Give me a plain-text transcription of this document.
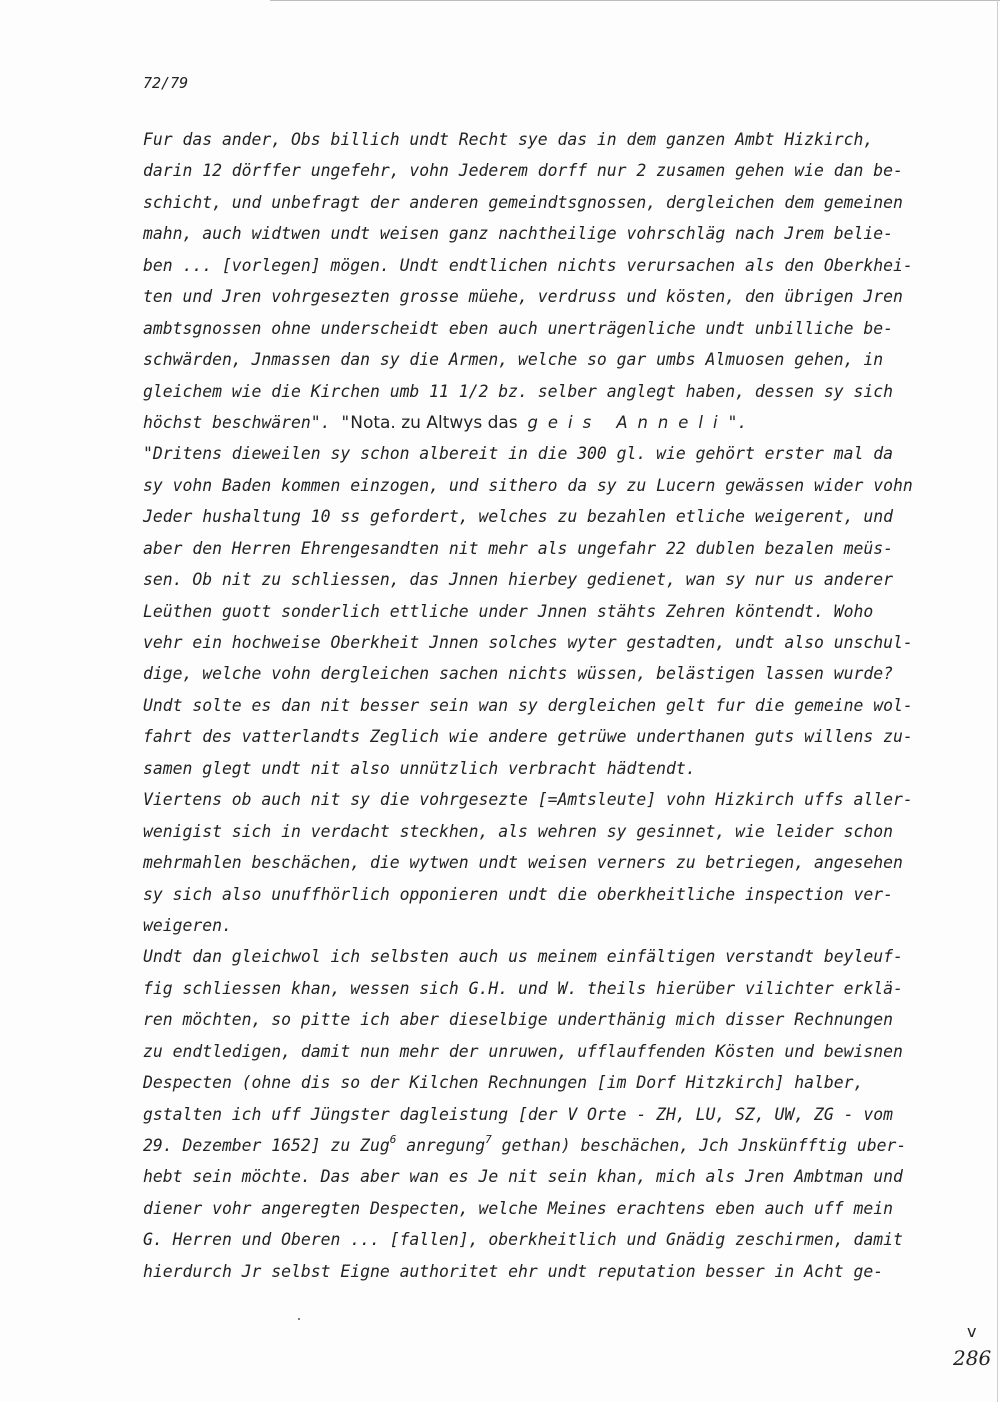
72/79
Fur das ander, Obs billich undt Recht sye das in dem ganzen Ambt Hizkirch,
darin 12 dörffer ungefehr, vohn Jederem dorff nur 2 zusamen gehen wie dan be-
schicht, und unbefragt der anderen gemeindtsgnossen, dergleichen dem gemeinen
mahn, auch widtwen undt weisen ganz nachtheilige vohrschläg nach Jrem belie-
ben ... [vorlegen] mögen. Undt endtlichen nichts verursachen als den Oberkhei-
ten und Jren vohrgesezten grosse müehe, verdruss und kösten, den übrigen Jren
ambtsgnossen ohne underscheidt eben auch unerträgenliche undt unbilliche be-
schwärden, Jnmassen dan sy die Armen, welche so gar umbs Almuosen gehen, in
gleichem wie die Kirchen umb 11 1/2 bz. selber anglegt haben, dessen sy sich
höchst beschwären". "Nota. zu Altwys das geis Anneli".
"Dritens dieweilen sy schon albereit in die 300 gl. wie gehört erster mal da
sy vohn Baden kommen einzogen, und sithero da sy zu Lucern gewässen wider vohn
Jeder hushaltung 10 ss gefordert, welches zu bezahlen etliche weigerent, und
aber den Herren Ehrengesandten nit mehr als ungefahr 22 dublen bezalen meüs-
sen. Ob nit zu schliessen, das Jnnen hierbey gedienet, wan sy nur us anderer
Leüthen guott sonderlich ettliche under Jnnen stähts Zehren köntendt. Woho
vehr ein hochweise Oberkheit Jnnen solches wyter gestadten, undt also unschul-
dige, welche vohn dergleichen sachen nichts wüssen, belästigen lassen wurde?
Undt solte es dan nit besser sein wan sy dergleichen gelt fur die gemeine wol-
fahrt des vatterlandts Zeglich wie andere getrüwe underthanen guts willens zu-
samen glegt undt nit also unnützlich verbracht hädtendt.
Viertens ob auch nit sy die vohrgesezte [=Amtsleute] vohn Hizkirch uffs aller-
wenigist sich in verdacht steckhen, als wehren sy gesinnet, wie leider schon
mehrmahlen beschächen, die wytwen undt weisen verners zu betriegen, angesehen
sy sich also unuffhörlich opponieren undt die oberkheitliche inspection ver-
weigeren.
Undt dan gleichwol ich selbsten auch us meinem einfältigen verstandt beyleuf-
fig schliessen khan, wessen sich G.H. und W. theils hierüber vilichter erklä-
ren möchten, so pitte ich aber dieselbige underthänig mich disser Rechnungen
zu endtledigen, damit nun mehr der unruwen, ufflauffenden Kösten und bewisnen
Despecten (ohne dis so der Kilchen Rechnungen [im Dorf Hitzkirch] halber,
gstalten ich uff Jüngster dagleistung [der V Orte - ZH, LU, SZ, UW, ZG - vom
29. Dezember 1652] zu Zug$^6$ anregung$^7$ gethan) beschächen, Jch Jnskünfftig uber-
hebt sein möchte. Das aber wan es Je nit sein khan, mich als Jren Ambtman und
diener vohr angeregten Despecten, welche Meines erachtens eben auch uff mein
G. Herren und Oberen ... [fallen], oberkheitlich und Gnädig zeschirmen, damit
hierdurch Jr selbst Eigne authoritet ehr undt reputation besser in Acht ge-
v
286
